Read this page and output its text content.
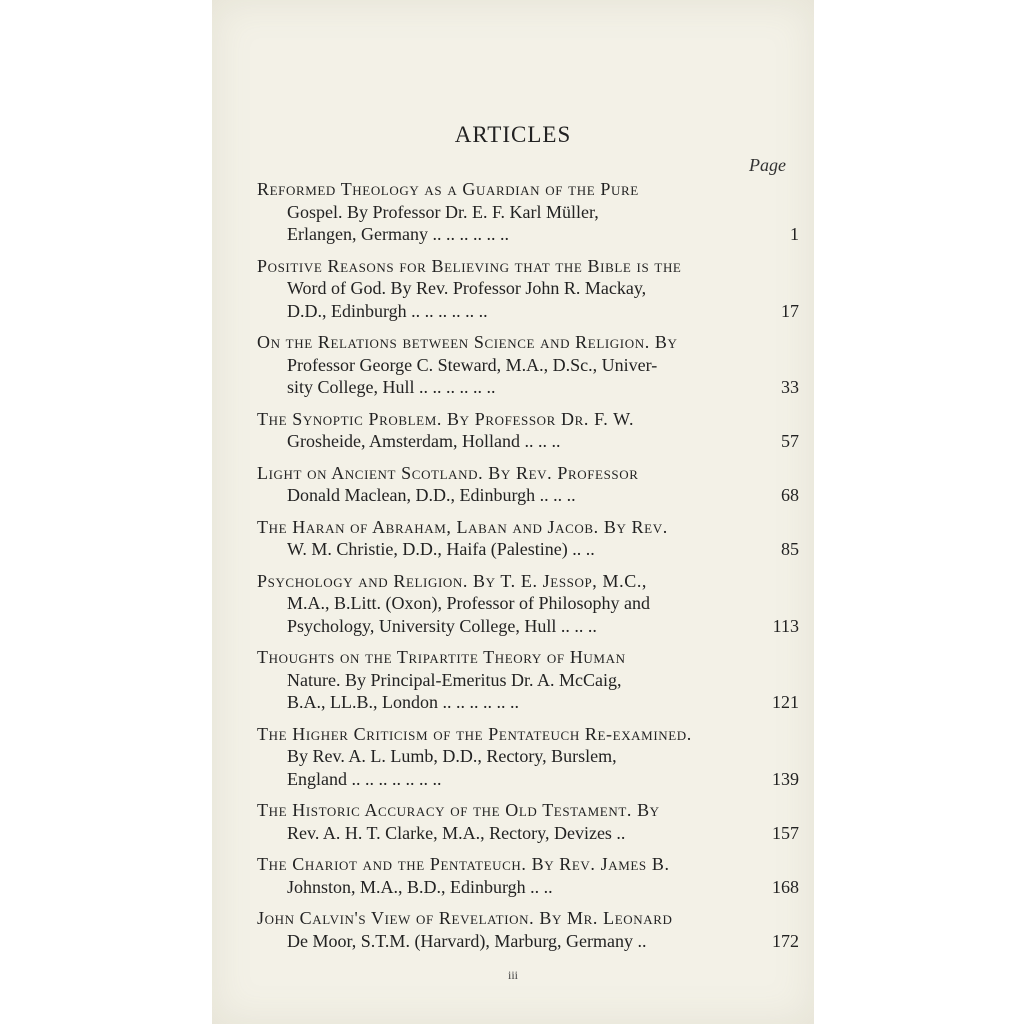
ARTICLES
Page
Reformed Theology as a Guardian of the Pure
Gospel. By Professor Dr. E. F. Karl Müller,
Erlangen, Germany .. .. .. .. .. ..	1
Positive Reasons for Believing that the Bible is the
Word of God. By Rev. Professor John R. Mackay,
D.D., Edinburgh .. .. .. .. .. ..	17
On the Relations between Science and Religion. By
Professor George C. Steward, M.A., D.Sc., Univer-
sity College, Hull .. .. .. .. .. ..	33
The Synoptic Problem. By Professor Dr. F. W.
Grosheide, Amsterdam, Holland .. .. ..	57
Light on Ancient Scotland. By Rev. Professor
Donald Maclean, D.D., Edinburgh .. .. ..	68
The Haran of Abraham, Laban and Jacob. By Rev.
W. M. Christie, D.D., Haifa (Palestine) .. ..	85
Psychology and Religion. By T. E. Jessop, M.C.,
M.A., B.Litt. (Oxon), Professor of Philosophy and
Psychology, University College, Hull .. .. ..	113
Thoughts on the Tripartite Theory of Human
Nature. By Principal-Emeritus Dr. A. McCaig,
B.A., LL.B., London .. .. .. .. .. ..	121
The Higher Criticism of the Pentateuch Re-examined.
By Rev. A. L. Lumb, D.D., Rectory, Burslem,
England .. .. .. .. .. .. ..	139
The Historic Accuracy of the Old Testament. By
Rev. A. H. T. Clarke, M.A., Rectory, Devizes ..	157
The Chariot and the Pentateuch. By Rev. James B.
Johnston, M.A., B.D., Edinburgh .. ..	168
John Calvin's View of Revelation. By Mr. Leonard
De Moor, S.T.M. (Harvard), Marburg, Germany ..	172
iii
